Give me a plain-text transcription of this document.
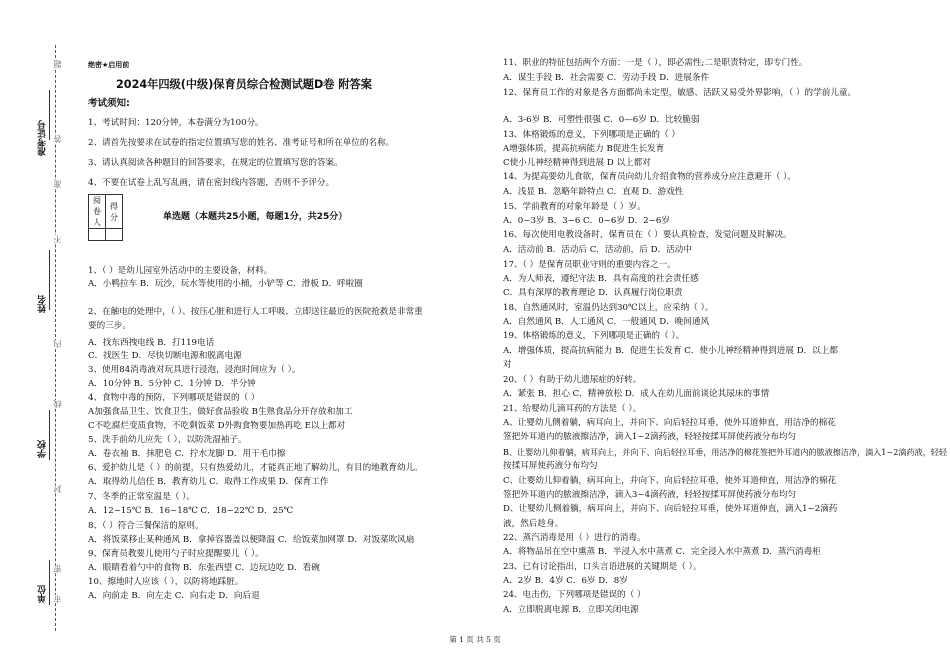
准考证号
姓名
学校
单位
题
答
准
不
内
线
封
密
市
绝密★启用前
2024年四级(中级)保育员综合检测试题D卷 附答案
考试须知:
1、考试时间：120分钟，本卷满分为100分。
2、请首先按要求在试卷的指定位置填写您的姓名、准考证号和所在单位的名称。
3、请认真阅读各种题目的回答要求，在规定的位置填写您的答案。
4、不要在试卷上乱写乱画，请在密封线内答题，否则不予评分。
阅卷人	得分
		单选题（本题共25小题，每题1分，共25分）
1、（ ）是幼儿园室外活动中的主要设备，材料。
A．小鸭拉车 B．玩沙，玩水等使用的小桶，小铲等 C．滑板 D．呼啦圈
2、在触电的处理中，（ ）、按压心脏和进行人工呼吸、立即送往最近的医院抢救是非常重
要的三步。
A．找东西拽电线 B．打119电话
C．找医生 D．尽快切断电源和脱离电源
3、使用84消毒液对玩具进行浸泡，浸泡时间应为（ ）。
A．10分钟 B．5分钟 C．1分钟 D．半分钟
4、食物中毒的预防，下列哪项是错误的（ ）
A加强食品卫生、饮食卫生，做好食品验收 B生熟食品分开存放和加工
C不吃腐烂变质食物，不吃剩饭菜 D外购食物要加热再吃 E以上都对
5、洗手前幼儿应先（ ），以防洗湿袖子。
A．卷衣袖 B．抹肥皂 C．拧水龙脚 D．用干毛巾擦
6、爱护幼儿是（ ）的前提，只有热爱幼儿，才能真正地了解幼儿，有目的地教育幼儿。
A．取得幼儿信任 B．教育幼儿 C．取得工作成果 D．保育工作
7、冬季的正常室温是（ ）。
A．12~15℃ B．16~18℃ C．18~22℃ D．25℃
8、（ ）符合三餐保洁的原则。
A．将饭菜移止某种通风 B．拿掉容器盖以便降温 C．给饭菜加网罩 D．对饭菜吹风扇
9、保育员教要儿使用勺子时应提醒要儿（ ）。
A．眼睛看着勺中的食物 B．东张西望 C．边玩边吃 D．看碗
10、擦地时人应该（ ），以防将地踩脏。
A．向前走 B．向左走 C．向右走 D．向后退
11、职业的特征包括两个方面：一是（ ），即必需性;二是职责特定，即专门性。
A．谋生手段 B．社会需要 C．劳动手段 D．进展条件
12、保育员工作的对象是各方面都尚未定型，敏感、活跃又易受外界影响，（ ）的学前儿童。
A．3-6岁 B．可塑性很强 C．0—6岁 D．比较脆弱
13、体格锻炼的意义，下列哪项是正确的（ ）
A增强体质，提高抗病能力 B促进生长发育
C使小儿神经精神得到进展 D 以上都对
14、为提高要幼儿食欲，保育员向幼儿介绍食物的营养成分应注意避开（ ）。
A．浅显 B．忽略年龄特点 C．直观 D．游戏性
15、学前教育的对象年龄是（ ）岁。
A．0~3岁 B．3~6 C．0~6岁 D．2~6岁
16、每次使用电教设备时，保育员在（ ）要认真检查，发觉问题及时解决。
A．活动前 B．活动后 C．活动前，后 D．活动中
17、（ ）是保育员职业守则的重要内容之一。
A．为人师表，遵纪守法 B．具有高度的社会责任感
C．具有深厚的教育理论 D．认真履行岗位职责
18、自然通风时，室温仍达到30℃以上，应采纳（ ）。
A．自然通风 B．人工通风 C．一般通风 D．晚间通风
19、体格锻炼的意义，下列哪项是正确的（ ）。
A．增强体质，提高抗病能力 B．促进生长发育 C．使小儿神经精神得到进展 D．以上都
对
20、（ ）有助于幼儿遗尿症的好转。
A．紧张 B．担心 C．精神放松 D．成人在幼儿面前谈论其尿床的事情
21、给婴幼儿滴耳药的方法是（ ）。
A、让婴幼儿侧着躺，病耳向上，并向下、向后轻拉耳垂，使外耳道伸直，用洁净的棉花
签把外耳道内的脓液擦洁净，滴入1~2滴药液，轻轻按揉耳屏使药液分布均匀
B、让婴幼儿仰着躺，病耳向上，并向下、向后轻拉耳垂，用洁净的棉花签把外耳道内的脓液擦洁净，滴入1~2滴药液，轻轻
按揉耳屏使药液分布均匀
C、让婴幼儿仰着躺，病耳向上，并向下、向后轻拉耳垂，使外耳道伸直，用洁净的棉花
签把外耳道内的脓液擦洁净，滴入3~4滴药液，轻轻按揉耳屏使药液分布均匀
D、让婴幼儿侧着躺，病耳向上，并向下、向后轻拉耳垂，使外耳道伸直，滴入1~2滴药
液，然后趁身。
22、蒸汽消毒是用（ ）进行的消毒。
A．将物品吊在空中熏蒸 B．半浸入水中蒸煮 C．完全浸入水中蒸煮 D．蒸汽消毒柜
23、已有讨论指出，口头言语进展的关键期是（ ）。
A．2岁 B．4岁 C．6岁 D．8岁
24、电击伤，下列哪项是错误的（ ）
A．立即脱离电源 B．立即关闭电源
第 1 页 共 5 页
